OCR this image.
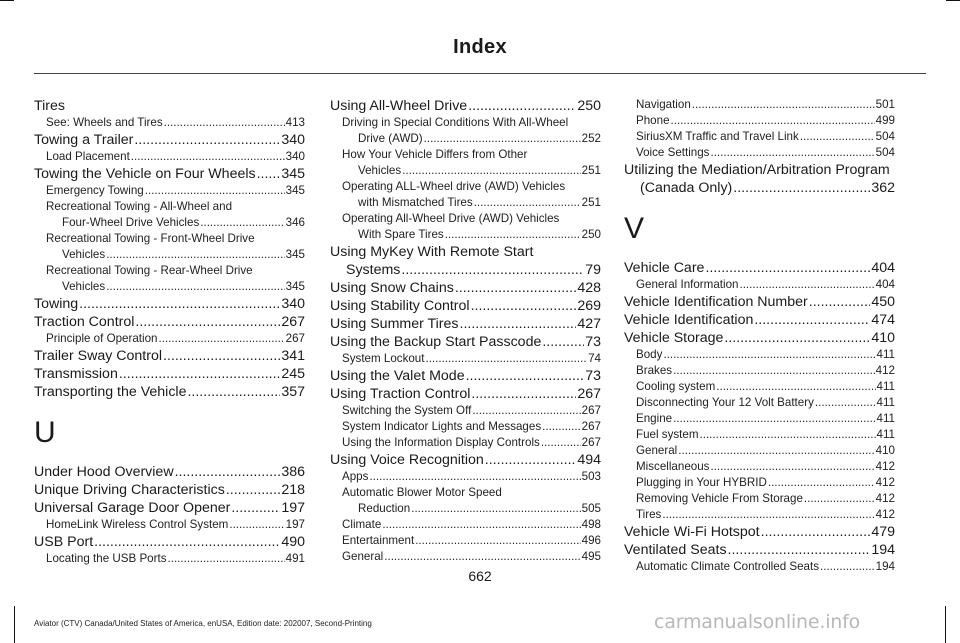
Index
Tires
See: Wheels and Tires .....	413
Towing a Trailer .....	340
Load Placement .....	340
Towing the Vehicle on Four Wheels ..... 345
Emergency Towing .....	345
Recreational Towing - All-Wheel and
Four-Wheel Drive Vehicles .....	346
Recreational Towing - Front-Wheel Drive
Vehicles .....	345
Recreational Towing - Rear-Wheel Drive
Vehicles .....	345
Towing .....	340
Traction Control .....	267
Principle of Operation .....	267
Trailer Sway Control .....	341
Transmission .....	245
Transporting the Vehicle .....	357
U
Under Hood Overview .....	386
Unique Driving Characteristics .....	218
Universal Garage Door Opener .....	197
HomeLink Wireless Control System .....	197
USB Port .....	490
Locating the USB Ports .....	491
Using All-Wheel Drive .....	250
Driving in Special Conditions With All-Wheel
Drive (AWD) .....	252
How Your Vehicle Differs from Other
Vehicles .....	251
Operating ALL-Wheel drive (AWD) Vehicles
with Mismatched Tires .....	251
Operating All-Wheel Drive (AWD) Vehicles
With Spare Tires .....	250
Using MyKey With Remote Start
Systems .....	79
Using Snow Chains .....	428
Using Stability Control .....	269
Using Summer Tires .....	427
Using the Backup Start Passcode .....	73
System Lockout .....	74
Using the Valet Mode .....	73
Using Traction Control .....	267
Switching the System Off .....	267
System Indicator Lights and Messages .....	267
Using the Information Display Controls .....	267
Using Voice Recognition .....	494
Apps .....	503
Automatic Blower Motor Speed
Reduction .....	505
Climate .....	498
Entertainment .....	496
General .....	495
Navigation .....	501
Phone .....	499
SiriusXM Traffic and Travel Link .....	504
Voice Settings .....	504
Utilizing the Mediation/Arbitration Program
(Canada Only) .....	362
V
Vehicle Care .....	404
General Information .....	404
Vehicle Identification Number .....	450
Vehicle Identification .....	474
Vehicle Storage .....	410
Body .....	411
Brakes .....	412
Cooling system .....	411
Disconnecting Your 12 Volt Battery .....	411
Engine .....	411
Fuel system .....	411
General .....	410
Miscellaneous .....	412
Plugging in Your HYBRID .....	412
Removing Vehicle From Storage .....	412
Tires .....	412
Vehicle Wi-Fi Hotspot .....	479
Ventilated Seats .....	194
Automatic Climate Controlled Seats .....	194
662
Aviator (CTV) Canada/United States of America, enUSA, Edition date: 202007, Second-Printing	carmanualsonline.info
